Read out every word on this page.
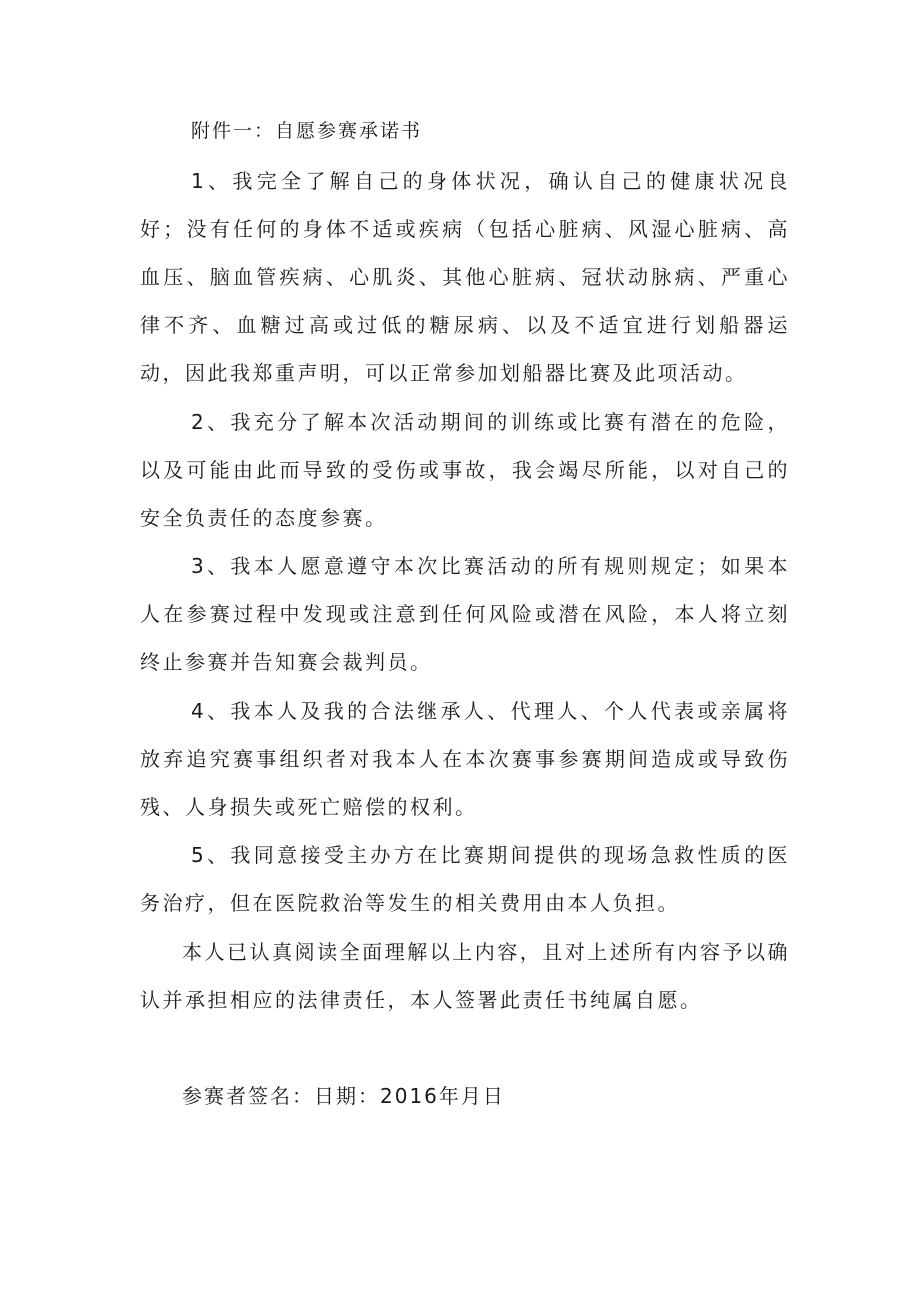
附件一：自愿参赛承诺书

1、我完全了解自己的身体状况，确认自己的健康状况良好；没有任何的身体不适或疾病（包括心脏病、风湿心脏病、高血压、脑血管疾病、心肌炎、其他心脏病、冠状动脉病、严重心律不齐、血糖过高或过低的糖尿病、以及不适宜进行划船器运动，因此我郑重声明，可以正常参加划船器比赛及此项活动。

2、我充分了解本次活动期间的训练或比赛有潜在的危险，以及可能由此而导致的受伤或事故，我会竭尽所能，以对自己的安全负责任的态度参赛。

3、我本人愿意遵守本次比赛活动的所有规则规定；如果本人在参赛过程中发现或注意到任何风险或潜在风险，本人将立刻终止参赛并告知赛会裁判员。

4、我本人及我的合法继承人、代理人、个人代表或亲属将放弃追究赛事组织者对我本人在本次赛事参赛期间造成或导致伤残、人身损失或死亡赔偿的权利。

5、我同意接受主办方在比赛期间提供的现场急救性质的医务治疗，但在医院救治等发生的相关费用由本人负担。

本人已认真阅读全面理解以上内容，且对上述所有内容予以确认并承担相应的法律责任，本人签署此责任书纯属自愿。

参赛者签名：日期：2016年月日
